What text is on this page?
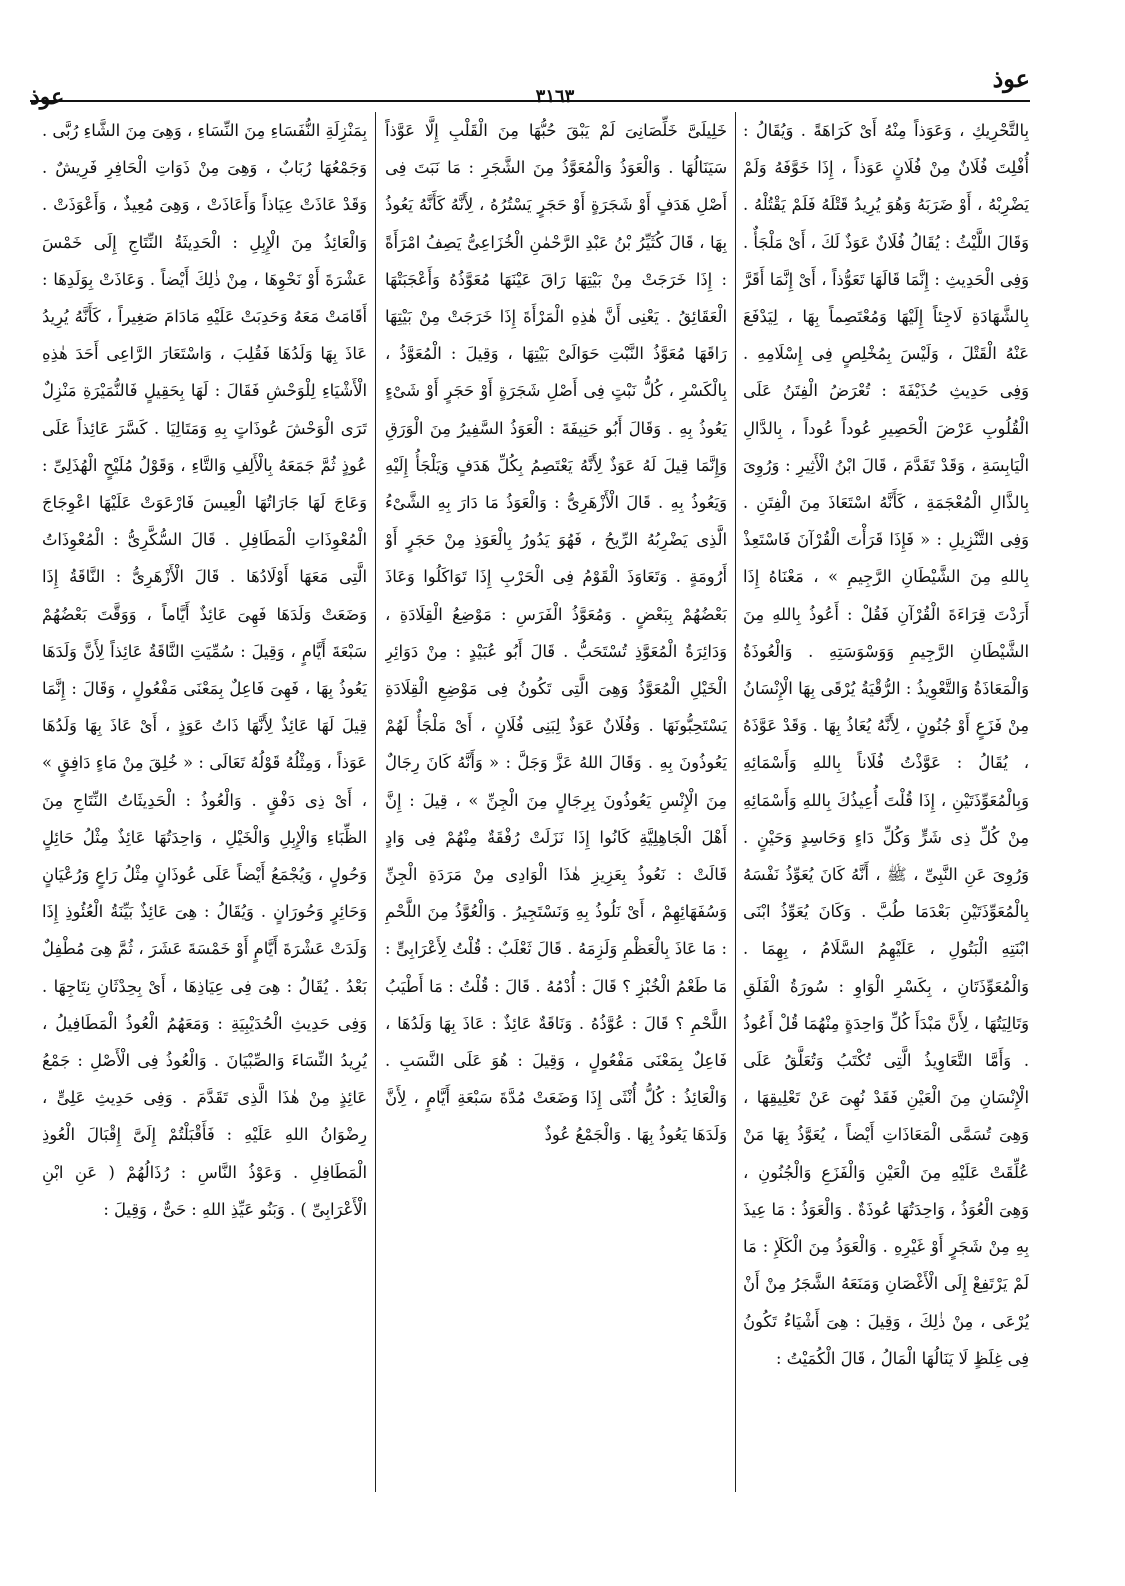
عوذ	٣١٦٣
عوذ

بِالتَّحْرِيكِ ، وَعَوَذاً مِنْهُ أَىْ كَرَاهَةً . وَيُقَالُ : أُفْلِتَ فُلَانٌ مِنْ فُلَانٍ عَوَذاً ، إِذَا خَوَّفَهُ وَلَمْ يَضْرِبْهُ ، أَوْ ضَرَبَهُ وَهُوَ يُرِيدُ قَتْلَهُ فَلَمْ يَقْتُلْهُ . وَقَالَ اللَّيْثُ : يُقَالُ فُلَانٌ عَوَذٌ لَكَ ، أَىْ مَلْجَأٌ . وَفِى الْحَدِيثِ : إِنَّمَا قَالَهَا تَعَوُّذاً ، أَىْ إِنَّمَا أَقَرَّ بِالشَّهَادَةِ لَاجِئاً إِلَيْهَا وَمُعْتَصِماً بِهَا ، لِيَدْفَعَ عَنْهُ الْقَتْلَ ، وَلَيْسَ بِمُخْلِصٍ فِى إِسْلَامِهِ . وَفِى حَدِيثِ حُذَيْفَةَ : تُعْرَضُ الْفِتَنُ عَلَى الْقُلُوبِ عَرْضَ الْحَصِيرِ عُوداً عُوداً ، بِالدَّالِ الْيَابِسَةِ ، وَقَدْ تَقَدَّمَ ، قَالَ ابْنُ الْأَثِيرِ : وَرُوِىَ بِالذَّالِ الْمُعْجَمَةِ ، كَأَنَّهُ اسْتَعَاذَ مِنَ الْفِتَنِ . وَفِى التَّنْزِيلِ : « فَإِذَا قَرَأْتَ الْقُرْآنَ فَاسْتَعِذْ بِاللهِ مِنَ الشَّيْطَانِ الرَّجِيمِ » ، مَعْنَاهُ إِذَا أَرَدْتَ قِرَاءَةَ الْقُرْآنِ فَقُلْ : أَعُوذُ بِاللهِ مِنَ الشَّيْطَانِ الرَّجِيمِ وَوَسْوَسَتِهِ . وَالْعُوذَةُ وَالْمَعَاذَةُ وَالتَّعْوِيذُ : الرُّقْيَةُ يُرْقَى بِهَا الْإِنْسَانُ مِنْ فَزَعٍ أَوْ جُنُونٍ ، لِأَنَّهُ يُعَاذُ بِهَا . وَقَدْ عَوَّذَهُ ، يُقَالُ : عَوَّذْتُ فُلَاناً بِاللهِ وَأَسْمَائِهِ وَبِالْمُعَوِّذَتَيْنِ ، إِذَا قُلْتَ أُعِيذُكَ بِاللهِ وَأَسْمَائِهِ مِنْ كُلِّ ذِى شَرٍّ وَكُلِّ دَاءٍ وَحَاسِدٍ وَحَيْنٍ . وَرُوِىَ عَنِ النَّبِىِّ ، ﷺ ، أَنَّهُ كَانَ يُعَوِّذُ نَفْسَهُ بِالْمُعَوِّذَتَيْنِ بَعْدَمَا طُبَّ . وَكَانَ يُعَوِّذُ ابْنَى ابْنَتِهِ الْبَتُولِ ، عَلَيْهِمُ السَّلَامُ ، بِهِمَا . وَالْمُعَوِّذَتَانِ ، بِكَسْرِ الْوَاوِ : سُورَةُ الْفَلَقِ وَتَالِيَتُهَا ، لِأَنَّ مَبْدَأَ كُلِّ وَاحِدَةٍ مِنْهُمَا قُلْ أَعُوذُ . وَأَمَّا التَّعَاوِيذُ الَّتِى تُكْتَبُ وَتُعَلَّقُ عَلَى الْإِنْسَانِ مِنَ الْعَيْنِ فَقَدْ نُهِىَ عَنْ تَعْلِيقِهَا ، وَهِىَ تُسَمَّى الْمَعَاذَاتِ أَيْضاً ، يُعَوَّذُ بِهَا مَنْ عُلِّقَتْ عَلَيْهِ مِنَ الْعَيْنِ وَالْفَزَعِ وَالْجُنُونِ ، وَهِىَ الْعُوَذُ ، وَاحِدَتُهَا عُوذَةٌ . وَالْعَوَذُ : مَا عِيذَ بِهِ مِنْ شَجَرٍ أَوْ غَيْرِهِ . وَالْعَوَذُ مِنَ الْكَلَإِ : مَا لَمْ يَرْتَفِعْ إِلَى الْأَغْصَانِ وَمَنَعَهُ الشَّجَرُ مِنْ أَنْ يُرْعَى ، مِنْ ذٰلِكَ ، وَقِيلَ : هِىَ أَشْيَاءُ تَكُونُ فِى غِلَظٍ لَا يَنَالُهَا الْمَالُ ، قَالَ الْكُمَيْتُ :

خَلِيلَىَّ خَلِّصَانِىَ لَمْ يَبْقَ حُبُّهَا مِنَ الْقَلْبِ إِلَّا عَوَّذاً سَيَنَالُهَا . وَالْعَوَذُ وَالْمُعَوَّذُ مِنَ الشَّجَرِ : مَا نَبَتَ فِى أَصْلِ هَدَفٍ أَوْ شَجَرَةٍ أَوْ حَجَرٍ يَسْتُرُهُ ، لِأَنَّهُ كَأَنَّهُ يَعُوذُ بِهَا ، قَالَ كُثَيِّرُ بْنُ عَبْدِ الرَّحْمٰنِ الْخُزَاعِىُّ يَصِفُ امْرَأَةً : إِذَا خَرَجَتْ مِنْ بَيْتِهَا رَاقَ عَيْنَهَا مُعَوَّذُهُ وَأَعْجَبَتْهَا الْعَقَائِقُ . يَعْنِى أَنَّ هٰذِهِ الْمَرْأَةَ إِذَا خَرَجَتْ مِنْ بَيْتِهَا رَاقَهَا مُعَوَّذُ النَّبْتِ حَوَالَىْ بَيْتِهَا ، وَقِيلَ : الْمُعَوَّذُ ، بِالْكَسْرِ ، كُلُّ نَبْتٍ فِى أَصْلِ شَجَرَةٍ أَوْ حَجَرٍ أَوْ شَىْءٍ يَعُوذُ بِهِ . وَقَالَ أَبُو حَنِيفَةَ : الْعَوَذُ السَّفِيرُ مِنَ الْوَرَقِ وَإِنَّمَا قِيلَ لَهُ عَوَذٌ لِأَنَّهُ يَعْتَصِمُ بِكُلِّ هَدَفٍ وَيَلْجَأُ إِلَيْهِ وَيَعُوذُ بِهِ . قَالَ الْأَزْهَرِىُّ : وَالْعَوَذُ مَا دَارَ بِهِ الشَّىْءُ الَّذِى يَضْرِبُهُ الرِّيحُ ، فَهُوَ يَدُورُ بِالْعَوَذِ مِنْ حَجَرٍ أَوْ أَرُومَةٍ . وَتَعَاوَذَ الْقَوْمُ فِى الْحَرْبِ إِذَا تَوَاكَلُوا وَعَاذَ بَعْضُهُمْ بِبَعْضٍ . وَمُعَوَّذُ الْفَرَسِ : مَوْضِعُ الْقِلَادَةِ ، وَدَائِرَةُ الْمُعَوَّذِ تُسْتَحَبُّ . قَالَ أَبُو عُبَيْدٍ : مِنْ دَوَائِرِ الْخَيْلِ الْمُعَوَّذُ وَهِىَ الَّتِى تَكُونُ فِى مَوْضِعِ الْقِلَادَةِ يَسْتَحِبُّونَهَا . وَفُلَانٌ عَوَذٌ لِبَنِى فُلَانٍ ، أَىْ مَلْجَأٌ لَهُمْ يَعُوذُونَ بِهِ . وَقَالَ اللهُ عَزَّ وَجَلَّ : « وَأَنَّهُ كَانَ رِجَالٌ مِنَ الْإِنْسِ يَعُوذُونَ بِرِجَالٍ مِنَ الْجِنِّ » ، قِيلَ : إِنَّ أَهْلَ الْجَاهِلِيَّةِ كَانُوا إِذَا نَزَلَتْ رُفْقَةٌ مِنْهُمْ فِى وَادٍ قَالَتْ : نَعُوذُ بِعَزِيزِ هٰذَا الْوَادِى مِنْ مَرَدَةِ الْجِنِّ وَسُفَهَائِهِمْ ، أَىْ نَلُوذُ بِهِ وَنَسْتَجِيرُ . وَالْعُوَّذُ مِنَ اللَّحْمِ : مَا عَاذَ بِالْعَظْمِ وَلَزِمَهُ . قَالَ ثَعْلَبٌ : قُلْتُ لِأَعْرَابِىٍّ : مَا طَعْمُ الْخُبْزِ ؟ قَالَ : أُدْمُهُ . قَالَ : قُلْتُ : مَا أَطْيَبُ اللَّحْمِ ؟ قَالَ : عُوَّذُهُ . وَنَاقَةٌ عَائِذٌ : عَاذَ بِهَا وَلَدُهَا ، فَاعِلٌ بِمَعْنَى مَفْعُولٍ ، وَقِيلَ : هُوَ عَلَى النَّسَبِ . وَالْعَائِذُ : كُلُّ أُنْثَى إِذَا وَضَعَتْ مُدَّةَ سَبْعَةِ أَيَّامٍ ، لِأَنَّ وَلَدَهَا يَعُوذُ بِهَا . وَالْجَمْعُ عُوذٌ

بِمَنْزِلَةِ النُّفَسَاءِ مِنَ النِّسَاءِ ، وَهِىَ مِنَ الشَّاءِ رُبَّى . وَجَمْعُهَا رُبَابٌ ، وَهِىَ مِنْ ذَوَاتِ الْحَافِرِ فَرِيشٌ . وَقَدْ عَاذَتْ عِيَاذاً وَأَعَاذَتْ ، وَهِىَ مُعِيذٌ ، وَأَعْوَذَتْ . وَالْعَائِذُ مِنَ الْإِبِلِ : الْحَدِيثَةُ النِّتَاجِ إِلَى خَمْسَ عَشْرَةَ أَوْ نَحْوِهَا ، مِنْ ذٰلِكَ أَيْضاً . وَعَاذَتْ بِوَلَدِهَا : أَقَامَتْ مَعَهُ وَحَدِبَتْ عَلَيْهِ مَادَامَ صَغِيراً ، كَأَنَّهُ يُرِيدُ عَاذَ بِهَا وَلَدُهَا فَقُلِبَ ، وَاسْتَعَارَ الرَّاعِى أَحَدَ هٰذِهِ الْأَشْيَاءِ لِلْوَحْشِ فَقَالَ : لَهَا بِحَقِيلٍ فَالنُّمَيْرَةِ مَنْزِلٌ تَرَى الْوَحْشَ عُوذَاتٍ بِهِ وَمَتَالِيَا . كَسَّرَ عَائِذاً عَلَى عُوذٍ ثُمَّ جَمَعَهُ بِالْأَلِفِ وَالتَّاءِ ، وَقَوْلُ مُلَيْحٍ الْهُذَلِىِّ : وَعَاجَ لَهَا جَارَاتُهَا الْعِيسَ فَارْعَوَتْ عَلَيْهَا اعْوِجَاجَ الْمُعْوِذَاتِ الْمَطَافِلِ . قَالَ السُّكَّرِىُّ : الْمُعْوِذَاتُ الَّتِى مَعَهَا أَوْلَادُهَا . قَالَ الْأَزْهَرِىُّ : النَّاقَةُ إِذَا وَضَعَتْ وَلَدَهَا فَهِىَ عَائِذٌ أَيَّاماً ، وَوَقَّتَ بَعْضُهُمْ سَبْعَةَ أَيَّامٍ ، وَقِيلَ : سُمِّيَتِ النَّاقَةُ عَائِذاً لِأَنَّ وَلَدَهَا يَعُوذُ بِهَا ، فَهِىَ فَاعِلٌ بِمَعْنَى مَفْعُولٍ ، وَقَالَ : إِنَّمَا قِيلَ لَهَا عَائِذٌ لِأَنَّهَا ذَاتُ عَوَذٍ ، أَىْ عَاذَ بِهَا وَلَدُهَا عَوَذاً ، وَمِثْلُهُ قَوْلُهُ تَعَالَى : « خُلِقَ مِنْ مَاءٍ دَافِقٍ » ، أَىْ ذِى دَفْقٍ . وَالْعُوذُ : الْحَدِيثَاتُ النِّتَاجِ مِنَ الظِّبَاءِ وَالْإِبِلِ وَالْخَيْلِ ، وَاحِدَتُهَا عَائِذٌ مِثْلُ حَائِلٍ وَحُولٍ ، وَيُجْمَعُ أَيْضاً عَلَى عُوذَانٍ مِثْلُ رَاعٍ وَرُعْيَانٍ وَحَائِرٍ وَحُورَانٍ . وَيُقَالُ : هِىَ عَائِذٌ بَيِّنَةُ الْعُئُوذِ إِذَا وَلَدَتْ عَشْرَةَ أَيَّامٍ أَوْ خَمْسَةَ عَشَرَ ، ثُمَّ هِىَ مُطْفِلٌ بَعْدُ . يُقَالُ : هِىَ فِى عِيَاذِهَا ، أَىْ بِحِدْثَانِ نِتَاجِهَا . وَفِى حَدِيثِ الْحُدَيْبِيَةِ : وَمَعَهُمُ الْعُوذُ الْمَطَافِيلُ ، يُرِيدُ النِّسَاءَ وَالصِّبْيَانَ . وَالْعُوذُ فِى الْأَصْلِ : جَمْعُ عَائِذٍ مِنْ هٰذَا الَّذِى تَقَدَّمَ . وَفِى حَدِيثِ عَلِىٍّ ، رِضْوَانُ اللهِ عَلَيْهِ : فَأَقْبَلْتُمْ إِلَىَّ إِقْبَالَ الْعُوذِ الْمَطَافِلِ . وَعَوْذُ النَّاسِ : رُذَالُهُمْ ( عَنِ ابْنِ الْأَعْرَابِىِّ ) . وَبَنُو عَيِّذِ اللهِ : حَىٌّ ، وَقِيلَ :
